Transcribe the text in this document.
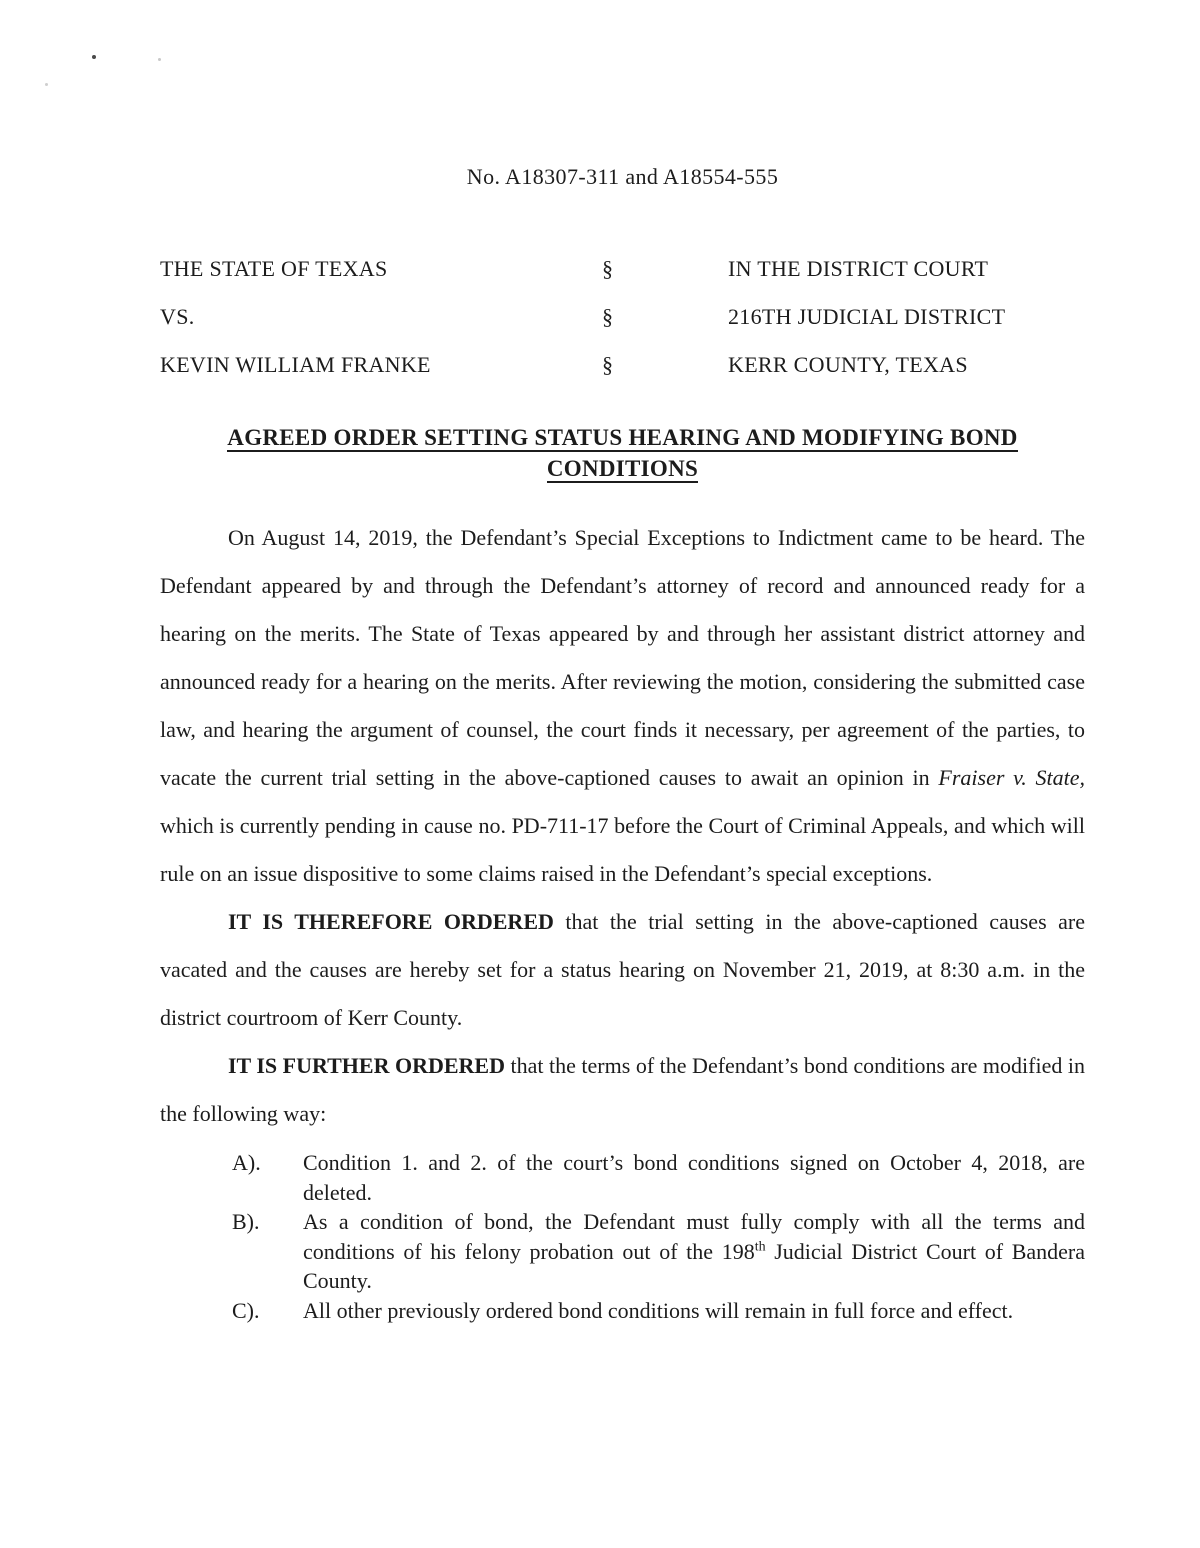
No. A18307-311 and A18554-555
THE STATE OF TEXAS	§	IN THE DISTRICT COURT
VS.	§	216TH JUDICIAL DISTRICT
KEVIN WILLIAM FRANKE	§	KERR COUNTY, TEXAS
AGREED ORDER SETTING STATUS HEARING AND MODIFYING BOND
CONDITIONS

On August 14, 2019, the Defendant’s Special Exceptions to Indictment came to be heard. The Defendant appeared by and through the Defendant’s attorney of record and announced ready for a hearing on the merits. The State of Texas appeared by and through her assistant district attorney and announced ready for a hearing on the merits. After reviewing the motion, considering the submitted case law, and hearing the argument of counsel, the court finds it necessary, per agreement of the parties, to vacate the current trial setting in the above-captioned causes to await an opinion in Fraiser v. State, which is currently pending in cause no. PD-711-17 before the Court of Criminal Appeals, and which will rule on an issue dispositive to some claims raised in the Defendant’s special exceptions.

IT IS THEREFORE ORDERED that the trial setting in the above-captioned causes are vacated and the causes are hereby set for a status hearing on November 21, 2019, at 8:30 a.m. in the district courtroom of Kerr County.

IT IS FURTHER ORDERED that the terms of the Defendant’s bond conditions are modified in the following way:

A). Condition 1. and 2. of the court’s bond conditions signed on October 4, 2018, are deleted.
B). As a condition of bond, the Defendant must fully comply with all the terms and conditions of his felony probation out of the 198th Judicial District Court of Bandera County.
C). All other previously ordered bond conditions will remain in full force and effect.
